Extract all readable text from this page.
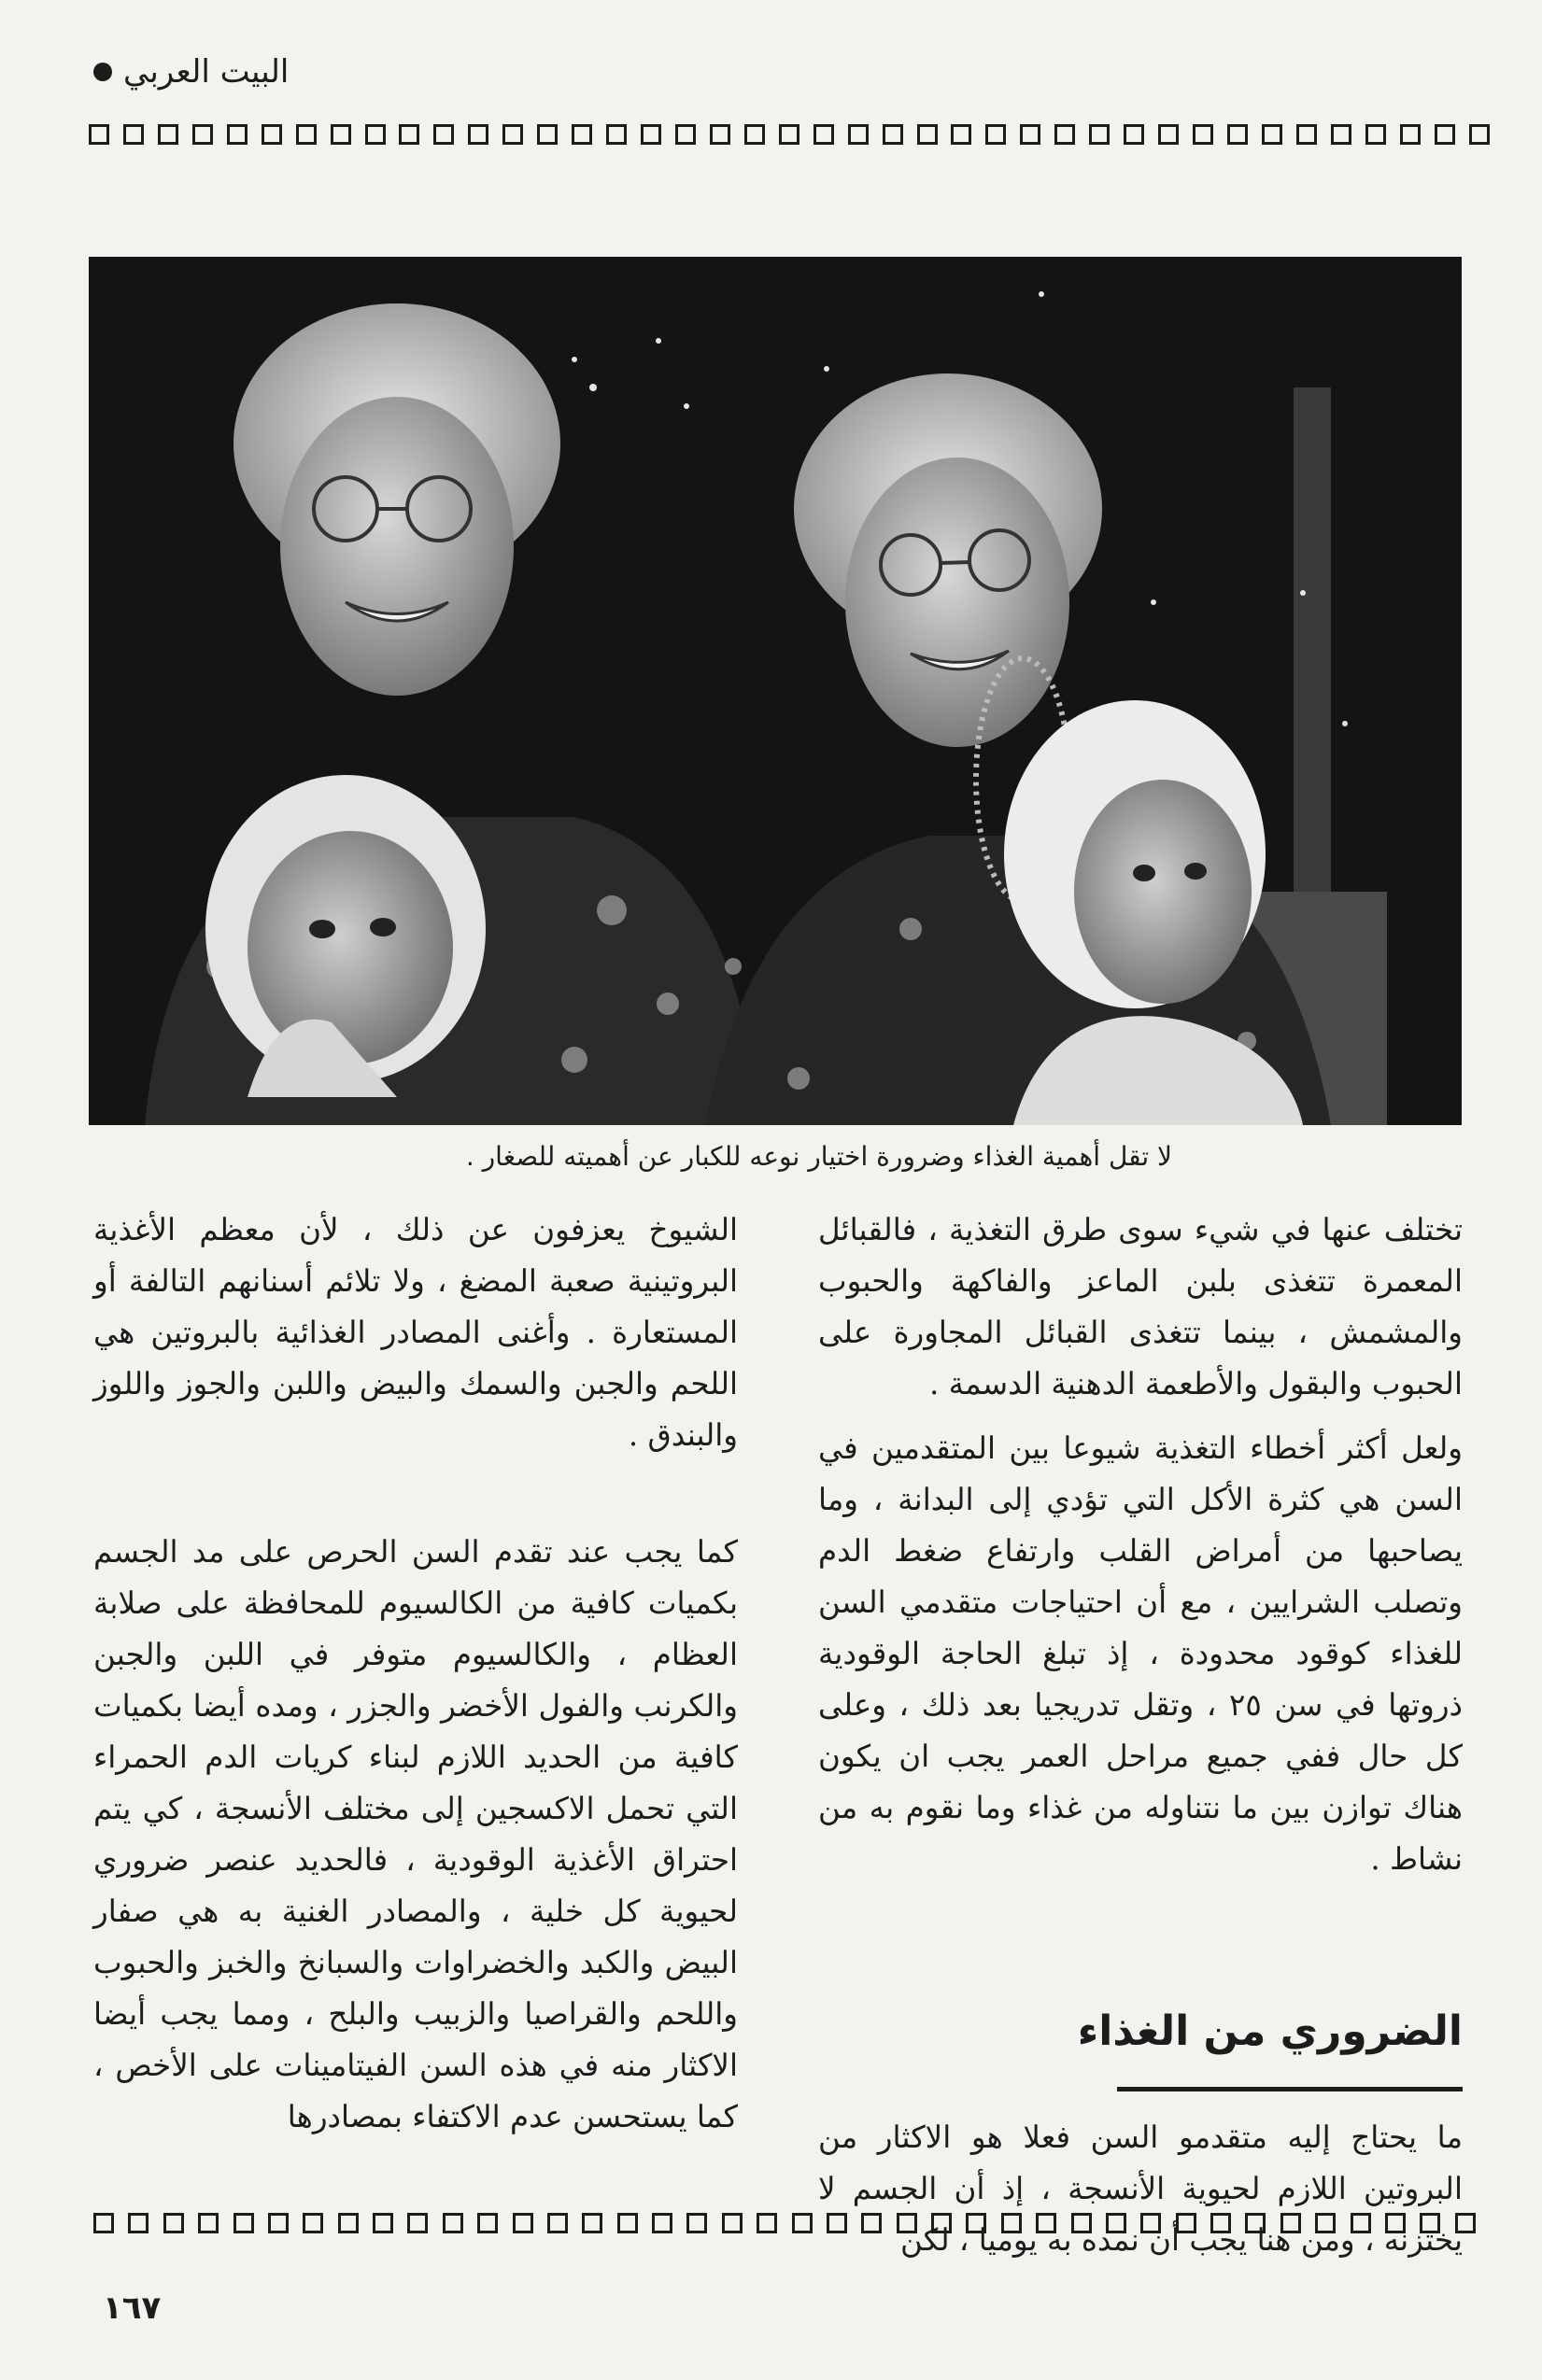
البيت العربي
لا تقل أهمية الغذاء وضرورة اختيار نوعه للكبار عن أهميته للصغار .

تختلف عنها في شيء سوى طرق التغذية ، فالقبائل المعمرة تتغذى بلبن الماعز والفاكهة والحبوب والمشمش ، بينما تتغذى القبائل المجاورة على الحبوب والبقول والأطعمة الدهنية الدسمة .

ولعل أكثر أخطاء التغذية شيوعا بين المتقدمين في السن هي كثرة الأكل التي تؤدي إلى البدانة ، وما يصاحبها من أمراض القلب وارتفاع ضغط الدم وتصلب الشرايين ، مع أن احتياجات متقدمي السن للغذاء كوقود محدودة ، إذ تبلغ الحاجة الوقودية ذروتها في سن ٢٥ ، وتقل تدريجيا بعد ذلك ، وعلى كل حال ففي جميع مراحل العمر يجب ان يكون هناك توازن بين ما نتناوله من غذاء وما نقوم به من نشاط .

الضروري من الغذاء

ما يحتاج إليه متقدمو السن فعلا هو الاكثار من البروتين اللازم لحيوية الأنسجة ، إذ أن الجسم لا يختزنه ، ومن هنا يجب أن نمده به يوميا ، لكن

الشيوخ يعزفون عن ذلك ، لأن معظم الأغذية البروتينية صعبة المضغ ، ولا تلائم أسنانهم التالفة أو المستعارة . وأغنى المصادر الغذائية بالبروتين هي اللحم والجبن والسمك والبيض واللبن والجوز واللوز والبندق .

كما يجب عند تقدم السن الحرص على مد الجسم بكميات كافية من الكالسيوم للمحافظة على صلابة العظام ، والكالسيوم متوفر في اللبن والجبن والكرنب والفول الأخضر والجزر ، ومده أيضا بكميات كافية من الحديد اللازم لبناء كريات الدم الحمراء التي تحمل الاكسجين إلى مختلف الأنسجة ، كي يتم احتراق الأغذية الوقودية ، فالحديد عنصر ضروري لحيوية كل خلية ، والمصادر الغنية به هي صفار البيض والكبد والخضراوات والسبانخ والخبز والحبوب واللحم والقراصيا والزبيب والبلح ، ومما يجب أيضا الاكثار منه في هذه السن الفيتامينات على الأخص ، كما يستحسن عدم الاكتفاء بمصادرها

١٦٧
